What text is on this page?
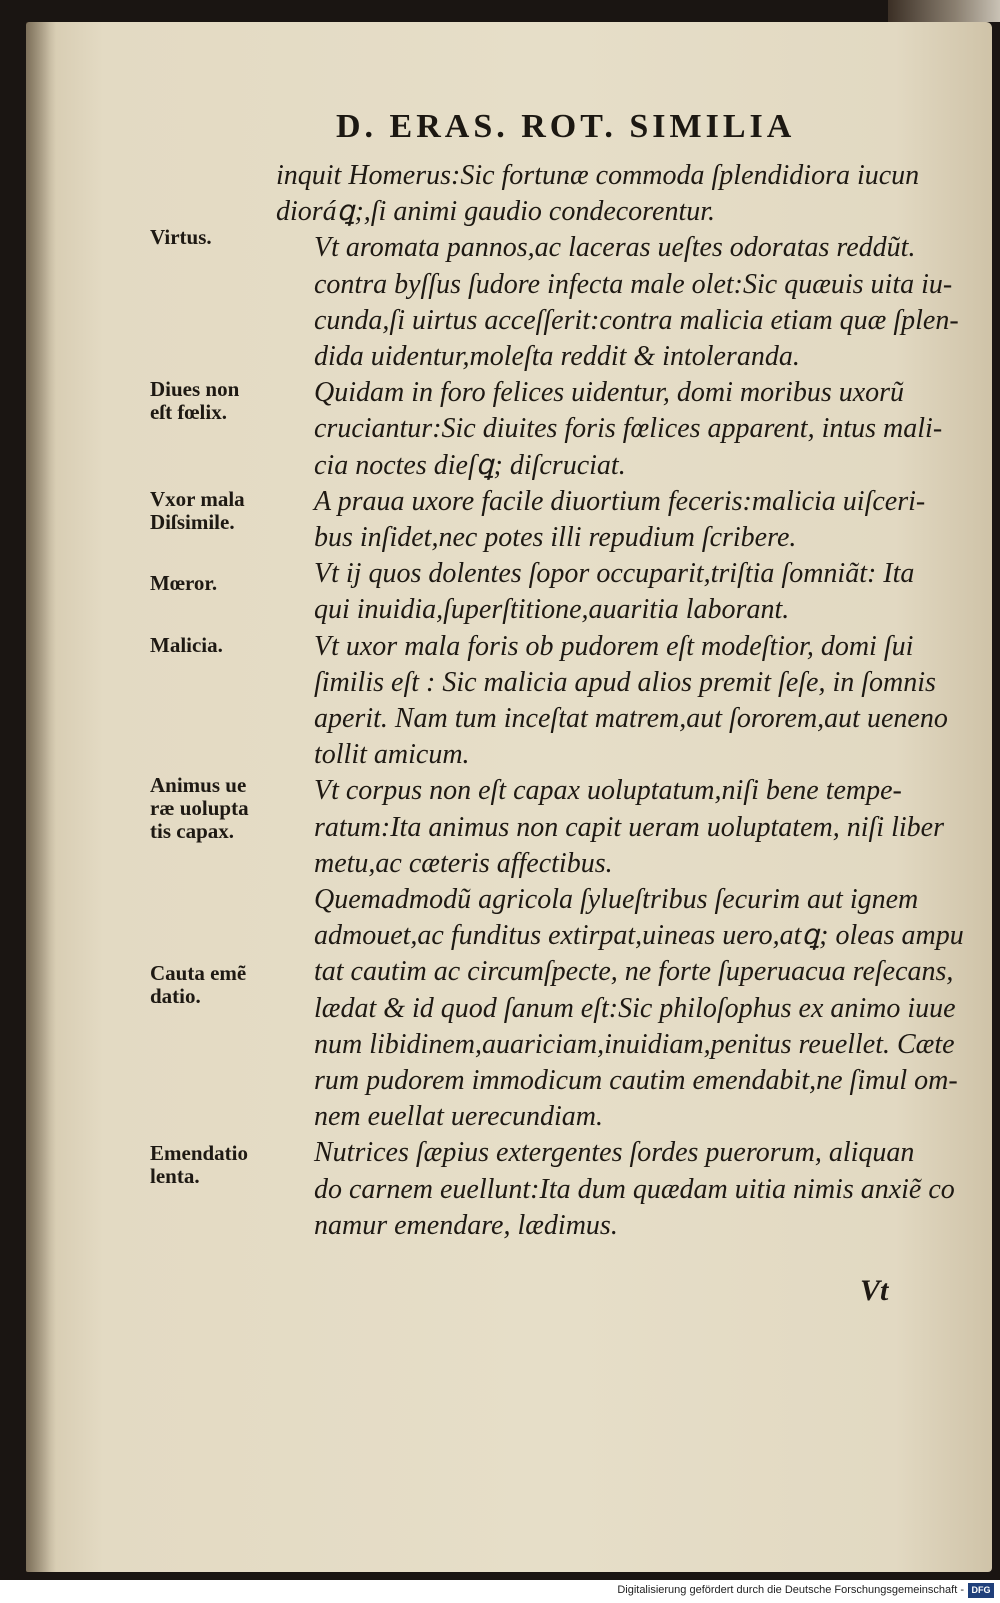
D. ERAS. ROT. SIMILIA

inquit Homerus:Sic fortunæ commoda ſplendidiora iucun
dioráꝗ;,ſi animi gaudio condecorentur.

Vt aromata pannos,ac laceras ueſtes odoratas reddũt.
contra byſſus ſudore infecta male olet:Sic quæuis uita iu-
cunda,ſi uirtus acceſſerit:contra malicia etiam quæ ſplen-
dida uidentur,moleſta reddit & intoleranda.

Quidam in foro felices uidentur, domi moribus uxorũ
cruciantur:Sic diuites foris fœlices apparent, intus mali-
cia noctes dieſꝗ; diſcruciat.

A praua uxore facile diuortium feceris:malicia uiſceri-
bus inſidet,nec potes illi repudium ſcribere.

Vt ij quos dolentes ſopor occuparit,triſtia ſomniãt: Ita
qui inuidia,ſuperſtitione,auaritia laborant.

Vt uxor mala foris ob pudorem eſt modeſtior, domi ſui
ſimilis eſt : Sic malicia apud alios premit ſeſe, in ſomnis
aperit. Nam tum inceſtat matrem,aut ſororem,aut ueneno
tollit amicum.

Vt corpus non eſt capax uoluptatum,niſi bene tempe-
ratum:Ita animus non capit ueram uoluptatem, niſi liber
metu,ac cæteris affectibus.

Quemadmodũ agricola ſylueſtribus ſecurim aut ignem
admouet,ac funditus extirpat,uineas uero,atꝗ; oleas ampu
tat cautim ac circumſpecte, ne forte ſuperuacua reſecans,
lædat & id quod ſanum eſt:Sic philoſophus ex animo iuue
num libidinem,auariciam,inuidiam,penitus reuellet. Cæte
rum pudorem immodicum cautim emendabit,ne ſimul om-
nem euellat uerecundiam.

Nutrices ſæpius extergentes ſordes puerorum, aliquan
do carnem euellunt:Ita dum quædam uitia nimis anxiẽ co
namur emendare, lædimus.

Virtus.
Diues non
eſt fœlix.
Vxor mala
Diſsimile.
Mœror.
Malicia.
Animus ue
ræ uolupta
tis capax.
Cauta emẽ
datio.
Emendatio
lenta.
Vt
Digitalisierung gefördert durch die Deutsche Forschungsgemeinschaft - DFG
